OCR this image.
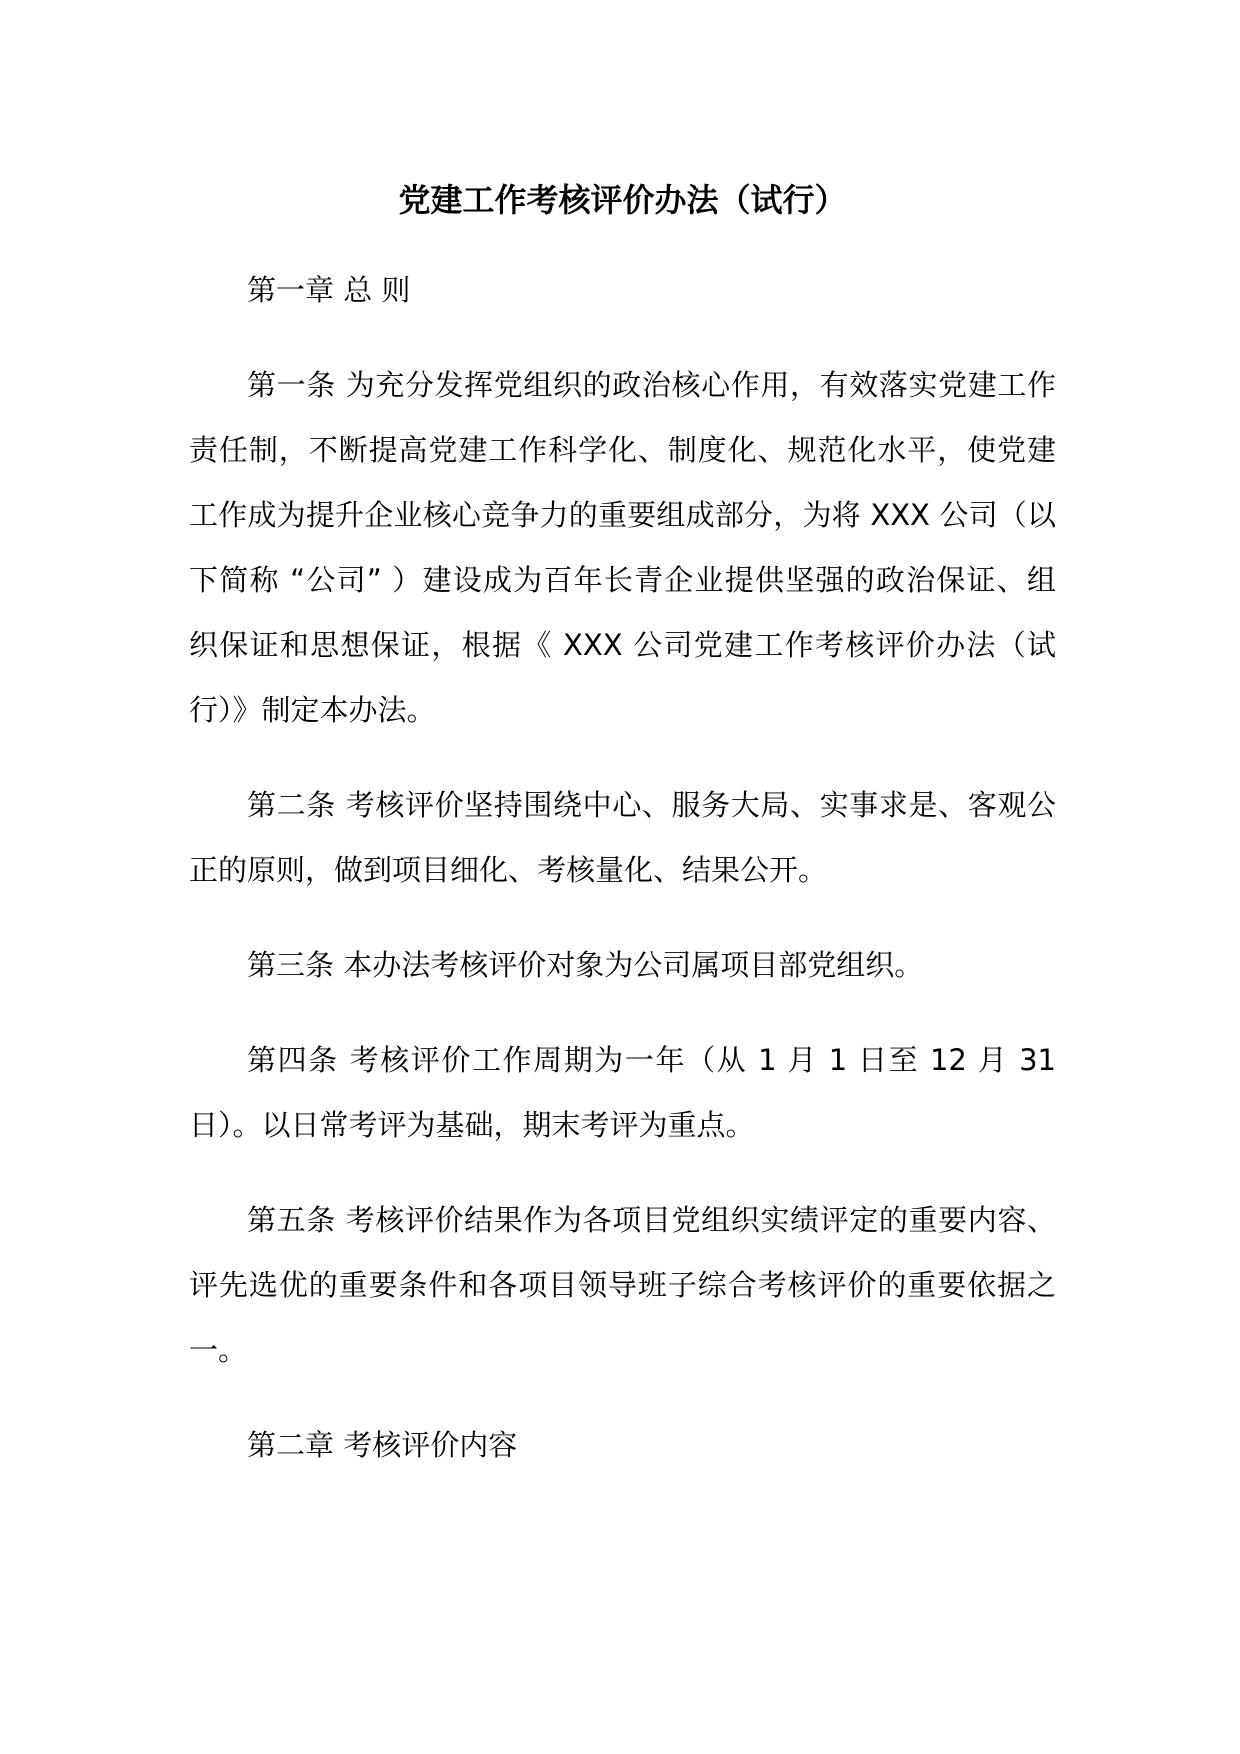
党建工作考核评价办法（试行）
第一章 总 则
第一条 为充分发挥党组织的政治核心作用，有效落实党建工作
责任制，不断提高党建工作科学化、制度化、规范化水平，使党建
工作成为提升企业核心竞争力的重要组成部分，为将 XXX 公司（以
下简称 “公司” ）建设成为百年长青企业提供坚强的政治保证、组
织保证和思想保证，根据《 XXX 公司党建工作考核评价办法（试
行）》制定本办法。
第二条 考核评价坚持围绕中心、服务大局、实事求是、客观公
正的原则，做到项目细化、考核量化、结果公开。
第三条 本办法考核评价对象为公司属项目部党组织。
第四条 考核评价工作周期为一年（从 1 月 1 日至 12 月 31
日）。以日常考评为基础，期末考评为重点。
第五条 考核评价结果作为各项目党组织实绩评定的重要内容、
评先选优的重要条件和各项目领导班子综合考核评价的重要依据之
一。
第二章 考核评价内容
